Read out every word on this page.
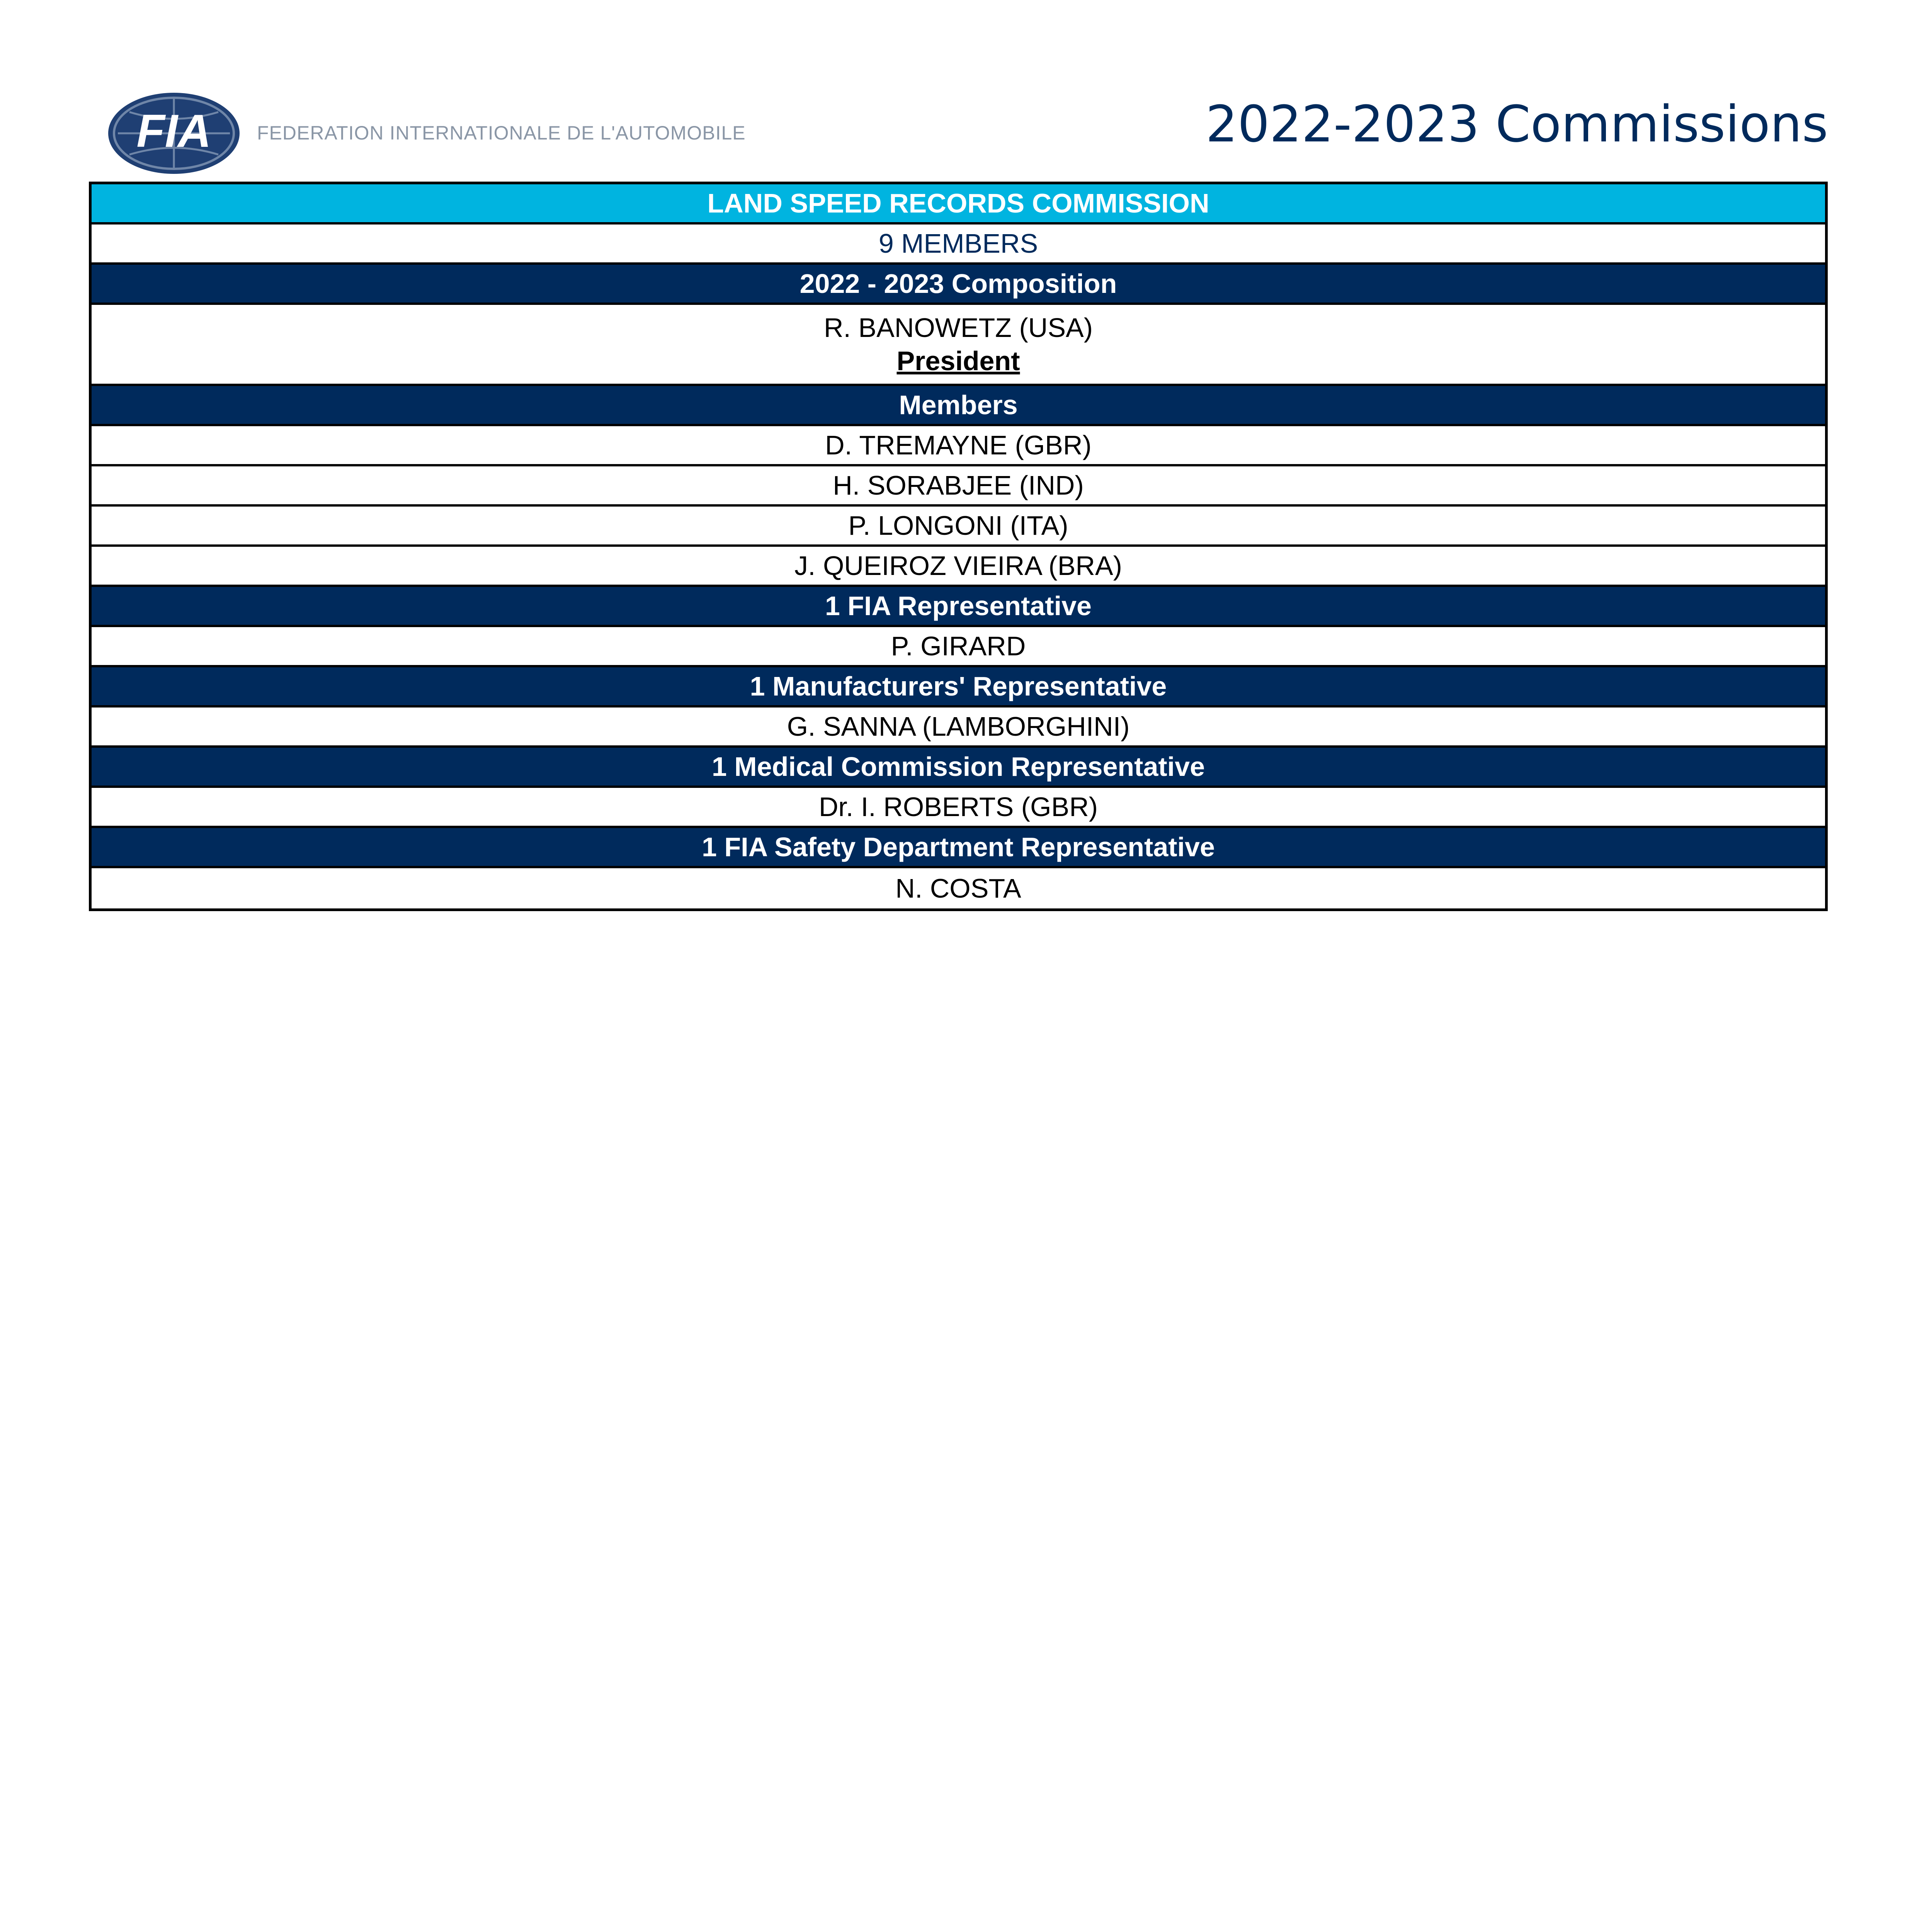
FIA FEDERATION INTERNATIONALE DE L'AUTOMOBILE	2022-2023 Commissions
LAND SPEED RECORDS COMMISSION
9 MEMBERS
2022 - 2023 Composition
R. BANOWETZ (USA)
President
Members
D. TREMAYNE (GBR)
H. SORABJEE (IND)
P. LONGONI (ITA)
J. QUEIROZ VIEIRA (BRA)
1 FIA Representative
P. GIRARD
1 Manufacturers' Representative
G. SANNA (LAMBORGHINI)
1 Medical Commission Representative
Dr. I. ROBERTS (GBR)
1 FIA Safety Department Representative
N. COSTA
